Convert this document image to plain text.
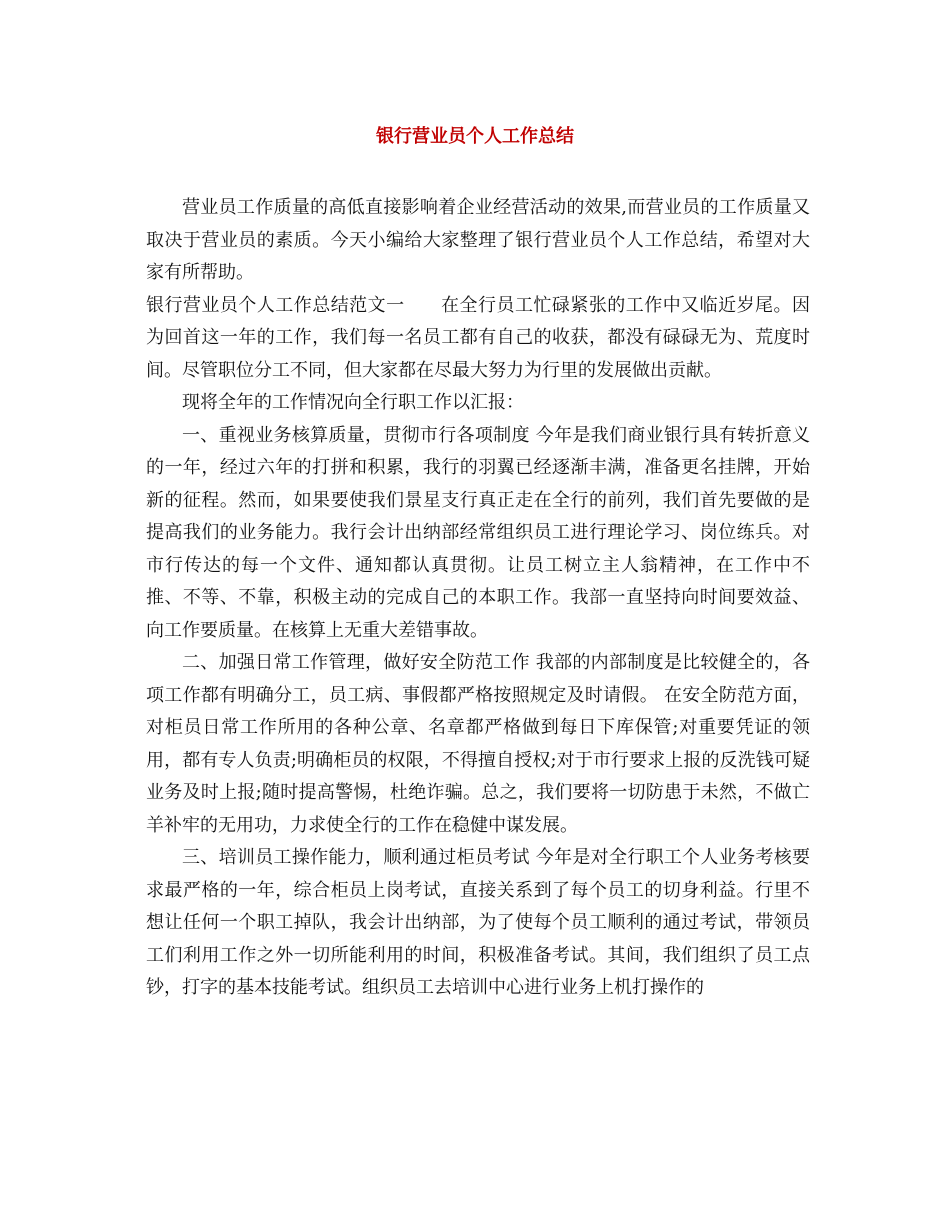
银行营业员个人工作总结

营业员工作质量的高低直接影响着企业经营活动的效果,而营业员的工作质量又取决于营业员的素质。今天小编给大家整理了银行营业员个人工作总结，希望对大家有所帮助。

银行营业员个人工作总结范文一 在全行员工忙碌紧张的工作中又临近岁尾。因为回首这一年的工作，我们每一名员工都有自己的收获，都没有碌碌无为、荒度时间。尽管职位分工不同，但大家都在尽最大努力为行里的发展做出贡献。

现将全年的工作情况向全行职工作以汇报：

一、重视业务核算质量，贯彻市行各项制度 今年是我们商业银行具有转折意义的一年，经过六年的打拼和积累，我行的羽翼已经逐渐丰满，准备更名挂牌，开始新的征程。然而，如果要使我们景星支行真正走在全行的前列，我们首先要做的是提高我们的业务能力。我行会计出纳部经常组织员工进行理论学习、岗位练兵。对市行传达的每一个文件、通知都认真贯彻。让员工树立主人翁精神，在工作中不推、不等、不靠，积极主动的完成自己的本职工作。我部一直坚持向时间要效益、向工作要质量。在核算上无重大差错事故。

二、加强日常工作管理，做好安全防范工作 我部的内部制度是比较健全的，各项工作都有明确分工，员工病、事假都严格按照规定及时请假。 在安全防范方面，对柜员日常工作所用的各种公章、名章都严格做到每日下库保管;对重要凭证的领用，都有专人负责;明确柜员的权限，不得擅自授权;对于市行要求上报的反洗钱可疑业务及时上报;随时提高警惕，杜绝诈骗。总之，我们要将一切防患于未然，不做亡羊补牢的无用功，力求使全行的工作在稳健中谋发展。

三、培训员工操作能力，顺利通过柜员考试 今年是对全行职工个人业务考核要求最严格的一年，综合柜员上岗考试，直接关系到了每个员工的切身利益。行里不想让任何一个职工掉队，我会计出纳部，为了使每个员工顺利的通过考试，带领员工们利用工作之外一切所能利用的时间，积极准备考试。其间，我们组织了员工点钞，打字的基本技能考试。组织员工去培训中心进行业务上机打操作的
